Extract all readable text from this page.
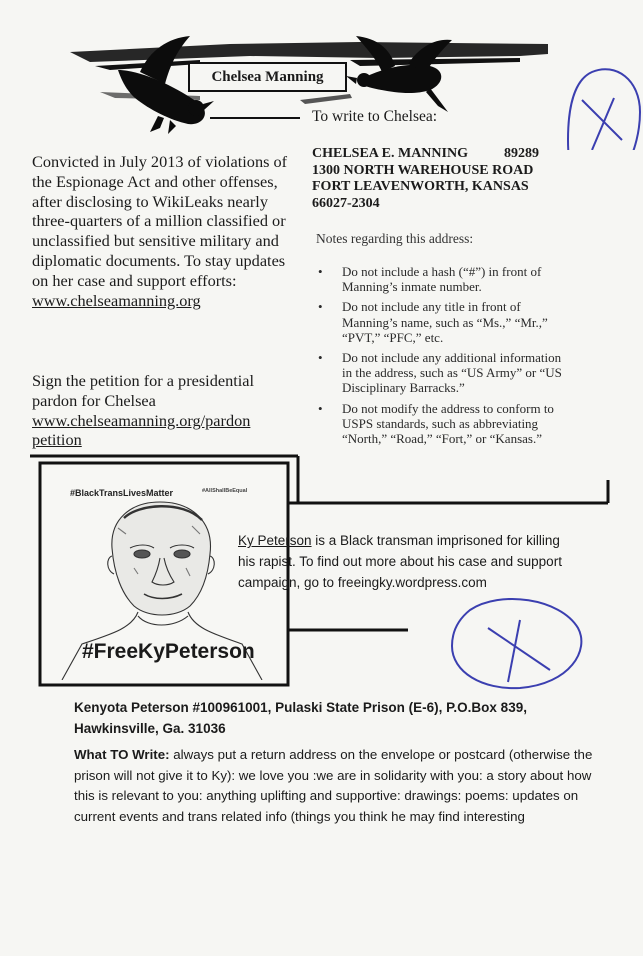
Chelsea Manning
Convicted in July 2013 of violations of the Espionage Act and other offenses, after disclosing to WikiLeaks nearly three-quarters of a million classified or unclassified but sensitive military and diplomatic documents. To stay updates on her case and support efforts: www.chelseamanning.org
Sign the petition for a presidential pardon for Chelsea
www.chelseamanning.org/pardon petition
To write to Chelsea:
CHELSEA E. MANNING	89289
1300 NORTH WAREHOUSE ROAD
FORT LEAVENWORTH, KANSAS
66027-2304
Notes regarding this address:
• Do not include a hash (“#”) in front of Manning’s inmate number.
• Do not include any title in front of Manning’s name, such as “Ms.,” “Mr.,” “PVT,” “PFC,” etc.
• Do not include any additional information in the address, such as “US Army” or “US Disciplinary Barracks.”
• Do not modify the address to conform to USPS standards, such as abbreviating “North,” “Road,” “Fort,” or “Kansas.”
#BlackTransLivesMatter	#AllShallBeEqual
#FreeKyPeterson
Ky Peterson is a Black transman imprisoned for killing his rapist. To find out more about his case and support campaign, go to freeingky.wordpress.com
Kenyota Peterson #100961001, Pulaski State Prison (E-6), P.O.Box 839, Hawkinsville, Ga. 31036
What TO Write: always put a return address on the envelope or postcard (otherwise the prison will not give it to Ky): we love you :we are in solidarity with you: a story about how this is relevant to you: anything uplifting and supportive: drawings: poems: updates on current events and trans related info (things you think he may find interesting
